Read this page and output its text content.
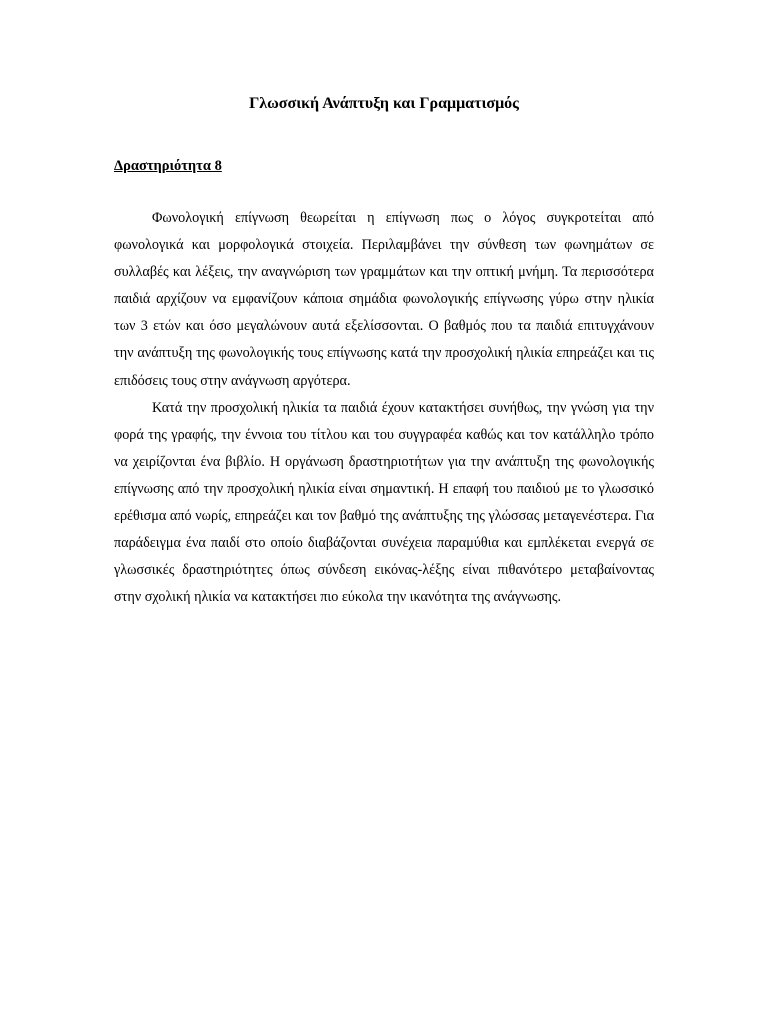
Γλωσσική Ανάπτυξη και Γραμματισμός
Δραστηριότητα 8

Φωνολογική επίγνωση θεωρείται η επίγνωση πως ο λόγος συγκροτείται από φωνολογικά και μορφολογικά στοιχεία. Περιλαμβάνει την σύνθεση των φωνημάτων σε συλλαβές και λέξεις, την αναγνώριση των γραμμάτων και την οπτική μνήμη. Τα περισσότερα παιδιά αρχίζουν να εμφανίζουν κάποια σημάδια φωνολογικής επίγνωσης γύρω στην ηλικία των 3 ετών και όσο μεγαλώνουν αυτά εξελίσσονται. Ο βαθμός που τα παιδιά επιτυγχάνουν την ανάπτυξη της φωνολογικής τους επίγνωσης κατά την προσχολική ηλικία επηρεάζει και τις επιδόσεις τους στην ανάγνωση αργότερα.

Κατά την προσχολική ηλικία τα παιδιά έχουν κατακτήσει συνήθως, την γνώση για την φορά της γραφής, την έννοια του τίτλου και του συγγραφέα καθώς και τον κατάλληλο τρόπο να χειρίζονται ένα βιβλίο. Η οργάνωση δραστηριοτήτων για την ανάπτυξη της φωνολογικής επίγνωσης από την προσχολική ηλικία είναι σημαντική. Η επαφή του παιδιού με το γλωσσικό ερέθισμα από νωρίς, επηρεάζει και τον βαθμό της ανάπτυξης της γλώσσας μεταγενέστερα. Για παράδειγμα ένα παιδί στο οποίο διαβάζονται συνέχεια παραμύθια και εμπλέκεται ενεργά σε γλωσσικές δραστηριότητες όπως σύνδεση εικόνας-λέξης είναι πιθανότερο μεταβαίνοντας στην σχολική ηλικία να κατακτήσει πιο εύκολα την ικανότητα της ανάγνωσης.
